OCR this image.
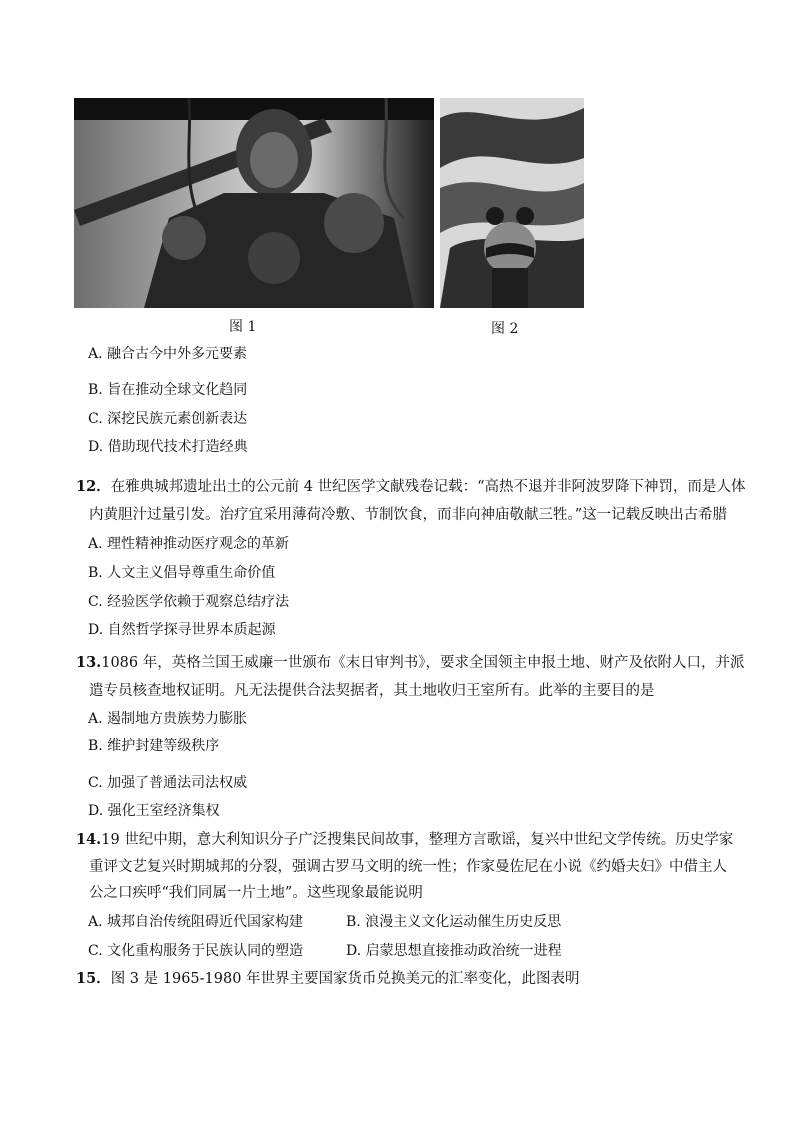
图 1	图 2
A. 融合古今中外多元要素
B. 旨在推动全球文化趋同
C. 深挖民族元素创新表达
D. 借助现代技术打造经典
12．在雅典城邦遗址出土的公元前 4 世纪医学文献残卷记载：“高热不退并非阿波罗降下神罚，而是人体
内黄胆汁过量引发。治疗宜采用薄荷冷敷、节制饮食，而非向神庙敬献三牲。”这一记载反映出古希腊
A. 理性精神推动医疗观念的革新
B. 人文主义倡导尊重生命价值
C. 经验医学依赖于观察总结疗法
D. 自然哲学探寻世界本质起源
13.1086 年，英格兰国王威廉一世颁布《末日审判书》，要求全国领主申报土地、财产及依附人口，并派
遣专员核查地权证明。凡无法提供合法契据者，其土地收归王室所有。此举的主要目的是
A. 遏制地方贵族势力膨胀
B. 维护封建等级秩序
C. 加强了普通法司法权威
D. 强化王室经济集权
14.19 世纪中期，意大利知识分子广泛搜集民间故事，整理方言歌谣，复兴中世纪文学传统。历史学家
重评文艺复兴时期城邦的分裂，强调古罗马文明的统一性；作家曼佐尼在小说《约婚夫妇》中借主人
公之口疾呼“我们同属一片土地”。这些现象最能说明
A. 城邦自治传统阻碍近代国家构建	B. 浪漫主义文化运动催生历史反思
C. 文化重构服务于民族认同的塑造	D. 启蒙思想直接推动政治统一进程
15．图 3 是 1965-1980 年世界主要国家货币兑换美元的汇率变化，此图表明
